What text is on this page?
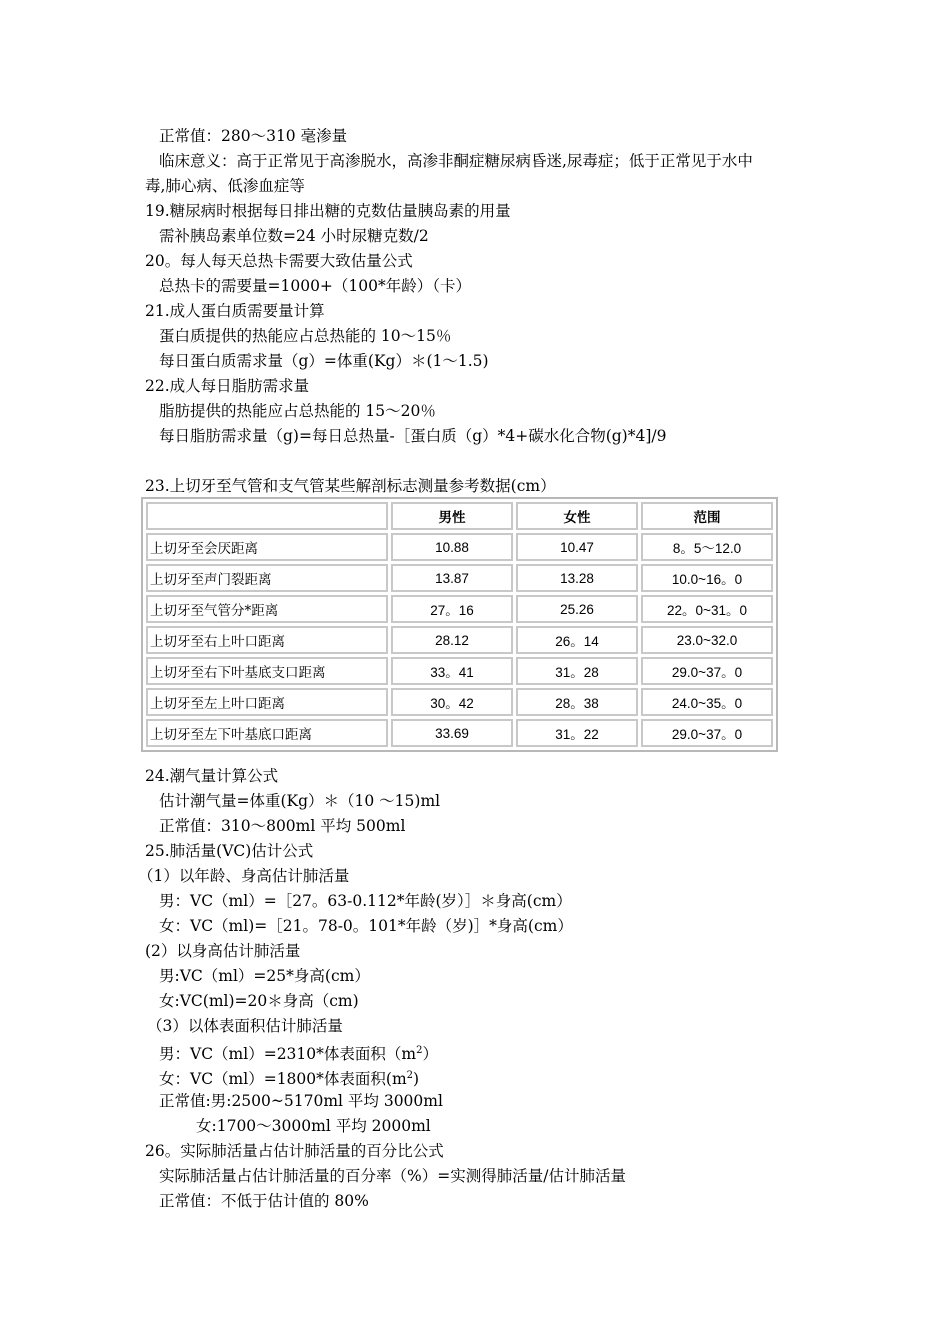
正常值：280～310 毫渗量
临床意义：高于正常见于高渗脱水，高渗非酮症糖尿病昏迷,尿毒症；低于正常见于水中
毒,肺心病、低渗血症等
19.糖尿病时根据每日排出糖的克数估量胰岛素的用量
需补胰岛素单位数=24 小时尿糖克数/2
20。每人每天总热卡需要大致估量公式
总热卡的需要量=1000+（100*年龄）（卡）
21.成人蛋白质需要量计算
蛋白质提供的热能应占总热能的 10～15％
每日蛋白质需求量（g）=体重(Kg）＊(1～1.5)
22.成人每日脂肪需求量
脂肪提供的热能应占总热能的 15～20％
每日脂肪需求量（g)=每日总热量-［蛋白质（g）*4+碳水化合物(g)*4]/9
23.上切牙至气管和支气管某些解剖标志测量参考数据(cm）
	男性	女性	范围
上切牙至会厌距离	10.88	10.47	8。5～12.0
上切牙至声门裂距离	13.87	13.28	10.0~16。0
上切牙至气管分*距离	27。16	25.26	22。0~31。0
上切牙至右上叶口距离	28.12	26。14	23.0~32.0
上切牙至右下叶基底支口距离	33。41	31。28	29.0~37。0
上切牙至左上叶口距离	30。42	28。38	24.0~35。0
上切牙至左下叶基底口距离	33.69	31。22	29.0~37。0
24.潮气量计算公式
估计潮气量=体重(Kg）＊（10 ～15)ml
正常值：310～800ml 平均 500ml
25.肺活量(VC)估计公式
（1）以年龄、身高估计肺活量
男：VC（ml）=［27。63-0.112*年龄(岁）］＊身高(cm）
女：VC（ml)=［21。78-0。101*年龄（岁)］*身高(cm）
(2）以身高估计肺活量
男:VC（ml）=25*身高(cm）
女:VC(ml)=20＊身高（cm)
（3）以体表面积估计肺活量
男：VC（ml）=2310*体表面积$(m^2)$
女：VC（ml）=1800*体表面积$(m^2)$
正常值:男:2500~5170ml 平均 3000ml
女:1700～3000ml 平均 2000ml
26。实际肺活量占估计肺活量的百分比公式
实际肺活量占估计肺活量的百分率（%）=实测得肺活量/估计肺活量
正常值：不低于估计值的 80%
